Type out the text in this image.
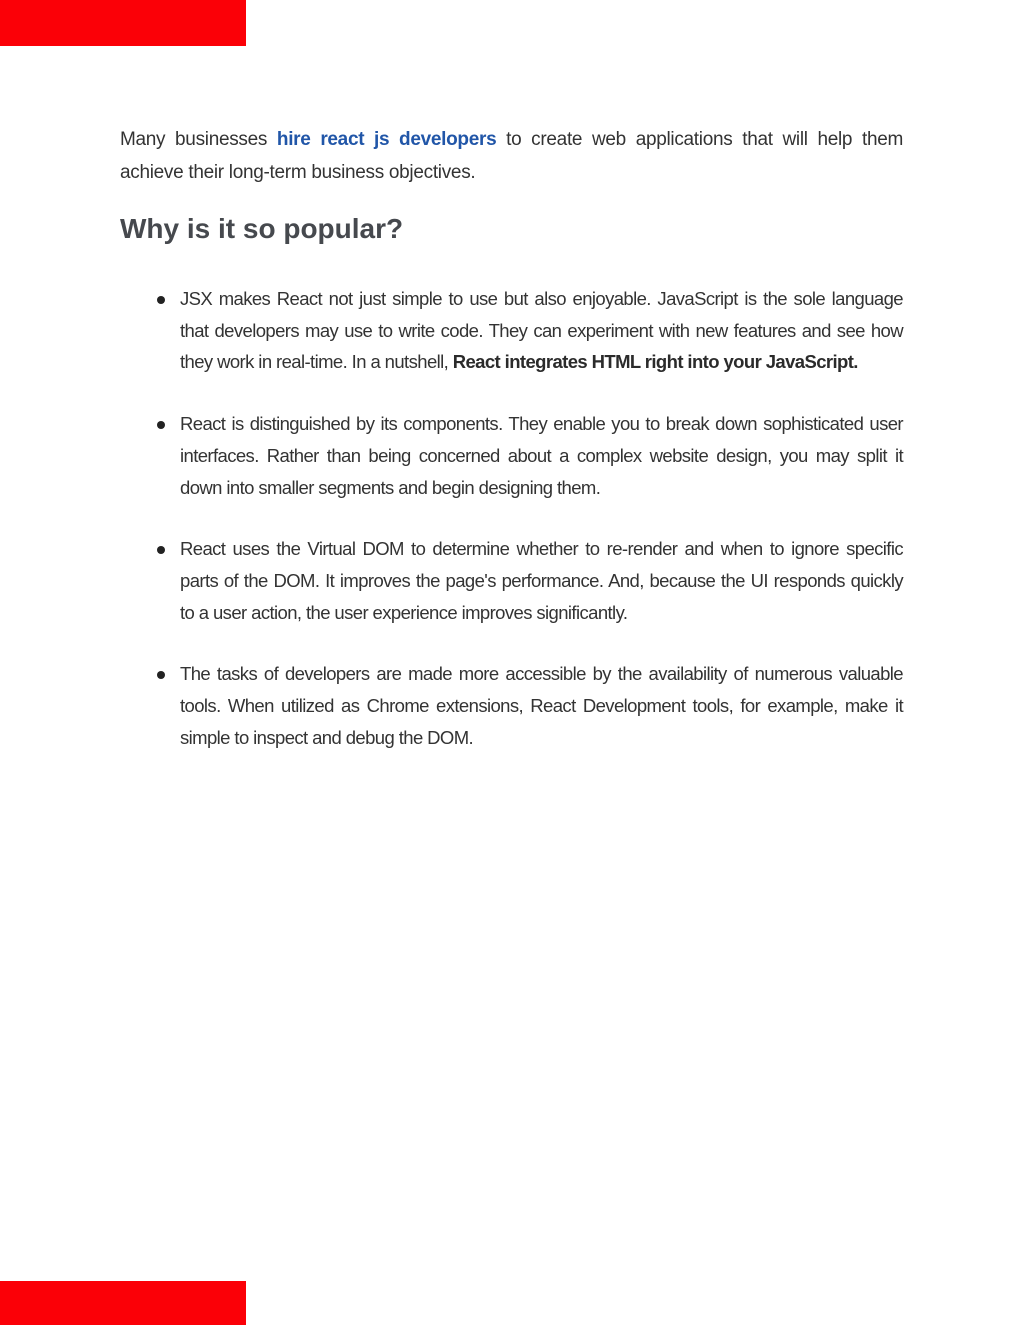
Many businesses hire react js developers to create web applications that will help them achieve their long-term business objectives.

Why is it so popular?
JSX makes React not just simple to use but also enjoyable. JavaScript is the sole language that developers may use to write code. They can experiment with new features and see how they work in real-time. In a nutshell, React integrates HTML right into your JavaScript.
React is distinguished by its components. They enable you to break down sophisticated user interfaces. Rather than being concerned about a complex website design, you may split it down into smaller segments and begin designing them.
React uses the Virtual DOM to determine whether to re-render and when to ignore specific parts of the DOM. It improves the page's performance. And, because the UI responds quickly to a user action, the user experience improves significantly.
The tasks of developers are made more accessible by the availability of numerous valuable tools. When utilized as Chrome extensions, React Development tools, for example, make it simple to inspect and debug the DOM.
